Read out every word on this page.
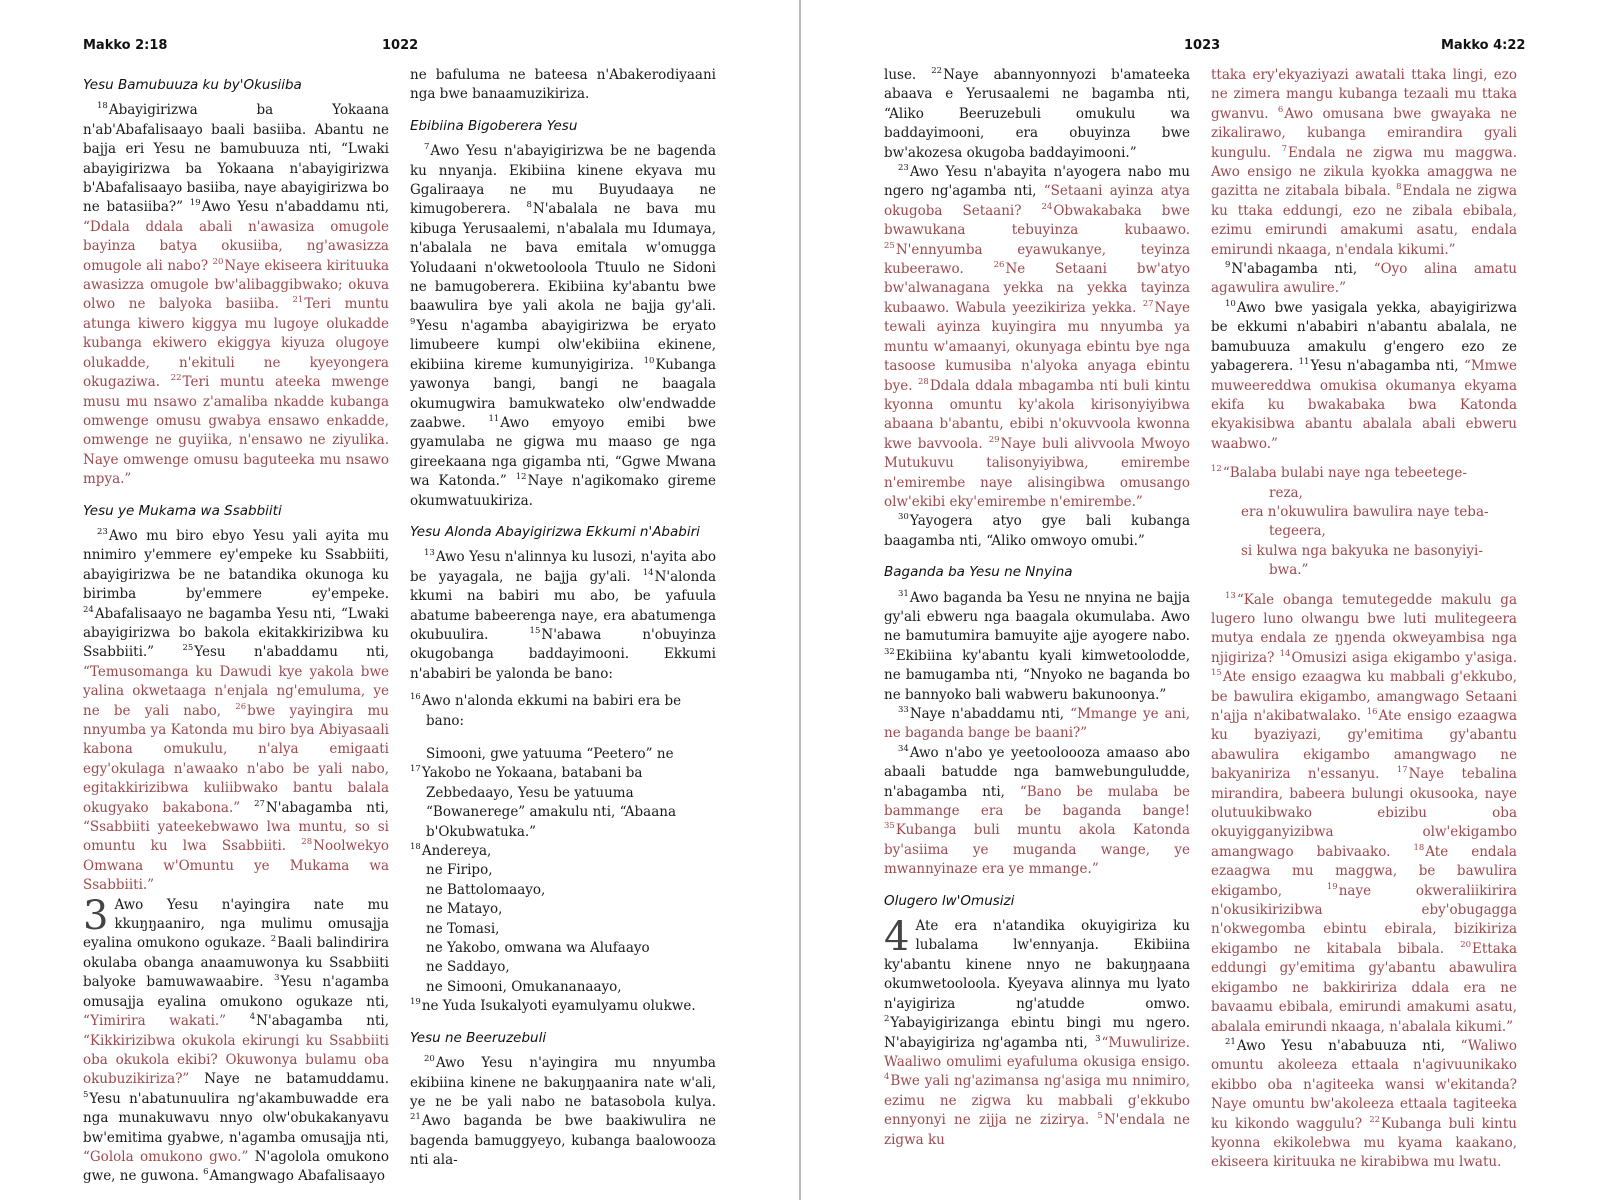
Makko 2:18	1022
Yesu Bamubuuza ku by'Okusiiba

$^{18}$Abayigirizwa ba Yokaana n'ab'Abafalisaayo baali basiiba. Abantu ne bajja eri Yesu ne bamubuuza nti, “Lwaki abayigirizwa ba Yokaana n'abayigirizwa b'Abafalisaayo basiiba, naye abayigirizwa bo ne batasiiba?” $^{19}$Awo Yesu n'abaddamu nti, “Ddala ddala abali n'awasiza omugole bayinza batya okusiiba, ng'awasizza omugole ali nabo? $^{20}$Naye ekiseera kirituuka awasizza omugole bw'alibaggibwako; okuva olwo ne balyoka basiiba. $^{21}$Teri muntu atunga kiwero kiggya mu lugoye olukadde kubanga ekiwero ekiggya kiyuza olugoye olukadde, n'ekituli ne kyeyongera okugaziwa. $^{22}$Teri muntu ateeka mwenge musu mu nsawo z'amaliba nkadde kubanga omwenge omusu gwabya ensawo enkadde, omwenge ne guyiika, n'ensawo ne ziyulika. Naye omwenge omusu baguteeka mu nsawo mpya.”

Yesu ye Mukama wa Ssabbiiti

$^{23}$Awo mu biro ebyo Yesu yali ayita mu nnimiro y'emmere ey'empeke ku Ssabbiiti, abayigirizwa be ne batandika okunoga ku birimba by'emmere ey'empeke. $^{24}$Abafalisaayo ne bagamba Yesu nti, “Lwaki abayigirizwa bo bakola ekitakkirizibwa ku Ssabbiiti.” $^{25}$Yesu n'abaddamu nti, “Temusomanga ku Dawudi kye yakola bwe yalina okwetaaga n'enjala ng'emuluma, ye ne be yali nabo, $^{26}$bwe yayingira mu nnyumba ya Katonda mu biro bya Abiyasaali kabona omukulu, n'alya emigaati egy'okulaga n'awaako n'abo be yali nabo, egitakkirizibwa kuliibwako bantu balala okugyako bakabona.” $^{27}$N'abagamba nti, “Ssabbiiti yateekebwawo lwa muntu, so si omuntu ku lwa Ssabbiiti. $^{28}$Noolwekyo Omwana w'Omuntu ye Mukama wa Ssabbiiti.”

3 Awo Yesu n'ayingira nate mu kkuŋŋaaniro, nga mulimu omusajja eyalina omukono ogukaze. $^2$Baali balindirira okulaba obanga anaamuwonya ku Ssabbiiti balyoke bamuwawaabire. $^3$Yesu n'agamba omusajja eyalina omukono ogukaze nti, “Yimirira wakati.”	$^4$N'abagamba nti, “Kikkirizibwa okukola ekirungi ku Ssabbiiti oba okukola ekibi? Okuwonya bulamu oba okubuzikiriza?” Naye ne batamuddamu. $^5$Yesu n'abatunuulira ng'akambuwadde era nga munakuwavu nnyo olw'obukakanyavu bw'emitima gyabwe, n'agamba omusajja nti, “Golola omukono gwo.” N'agolola omukono gwe, ne guwona. $^6$Amangwago Abafalisaayo

ne bafuluma ne bateesa n'Abakerodiyaani nga bwe banaamuzikiriza.

Ebibiina Bigoberera Yesu

$^7$Awo Yesu n'abayigirizwa be ne bagenda ku nnyanja. Ekibiina kinene ekyava mu Ggaliraaya ne mu Buyudaaya ne kimugoberera. $^8$N'abalala ne bava mu kibuga Yerusaalemi, n'abalala mu Idumaya, n'abalala ne bava emitala w'omugga Yoludaani n'okwetooloola Ttuulo ne Sidoni ne bamugoberera. Ekibiina ky'abantu bwe baawulira bye yali akola ne bajja gy'ali. $^9$Yesu n'agamba abayigirizwa be eryato limubeere kumpi olw'ekibiina ekinene, ekibiina kireme kumunyigiriza. $^{10}$Kubanga yawonya bangi, bangi ne baagala okumugwira bamukwateko olw'endwadde zaabwe. $^{11}$Awo emyoyo emibi bwe gyamulaba ne gigwa mu maaso ge nga gireekaana nga gigamba nti, “Ggwe Mwana wa Katonda.” $^{12}$Naye n'agikomako gireme okumwatuukiriza.

Yesu Alonda Abayigirizwa Ekkumi n'Ababiri

$^{13}$Awo Yesu n'alinnya ku lusozi, n'ayita abo be yayagala, ne bajja gy'ali. $^{14}$N'alonda kkumi na babiri mu abo, be yafuula abatume babeerenga naye, era abatumenga okubuulira. $^{15}$N'abawa n'obuyinza okugobanga baddayimooni. Ekkumi n'ababiri be yalonda be bano:

$^{16}$Awo n'alonda ekkumi na babiri era be
bano:
Simooni, gwe yatuuma “Peetero” ne
$^{17}$Yakobo ne Yokaana, batabani ba
Zebbedaayo, Yesu be yatuuma
“Bowanerege” amakulu nti, “Abaana
b'Okubwatuka.”
$^{18}$Andereya,
ne Firipo,
ne Battolomaayo,
ne Matayo,
ne Tomasi,
ne Yakobo, omwana wa Alufaayo
ne Saddayo,
ne Simooni, Omukananaayo,
$^{19}$ne Yuda Isukalyoti eyamulyamu olukwe.
Yesu ne Beeruzebuli

$^{20}$Awo Yesu n'ayingira mu nnyumba ekibiina kinene ne bakuŋŋaanira nate w'ali, ye ne be yali nabo ne batasobola kulya. $^{21}$Awo baganda be bwe baakiwulira ne bagenda bamuggyeyo, kubanga baalowooza nti ala-

1023	Makko 4:22

luse. $^{22}$Naye abannyonnyozi b'amateeka abaava e Yerusaalemi ne bagamba nti, “Aliko Beeruzebuli omukulu wa baddayimooni, era obuyinza bwe bw'akozesa okugoba baddayimooni.”

$^{23}$Awo Yesu n'abayita n'ayogera nabo mu ngero ng'agamba nti, “Setaani ayinza atya okugoba Setaani? $^{24}$Obwakabaka bwe bwawukana tebuyinza kubaawo. $^{25}$N'ennyumba eyawukanye, teyinza kubeerawo. $^{26}$Ne Setaani bw'atyo bw'alwanagana yekka na yekka tayinza kubaawo. Wabula yeezikiriza yekka. $^{27}$Naye tewali ayinza kuyingira mu nnyumba ya muntu w'amaanyi, okunyaga ebintu bye nga tasoose kumusiba n'alyoka anyaga ebintu bye. $^{28}$Ddala ddala mbagamba nti buli kintu kyonna omuntu ky'akola kirisonyiyibwa abaana b'abantu, ebibi n'okuvvoola kwonna kwe bavvoola. $^{29}$Naye buli alivvoola Mwoyo Mutukuvu talisonyiyibwa, emirembe n'emirembe naye alisingibwa omusango olw'ekibi eky'emirembe n'emirembe.”

$^{30}$Yayogera atyo gye bali kubanga baagamba nti, “Aliko omwoyo omubi.”

Baganda ba Yesu ne Nnyina

$^{31}$Awo baganda ba Yesu ne nnyina ne bajja gy'ali ebweru nga baagala okumulaba. Awo ne bamutumira bamuyite ajje ayogere nabo. $^{32}$Ekibiina ky'abantu kyali kimwetoolodde, ne bamugamba nti, “Nnyoko ne baganda bo ne bannyoko bali wabweru bakunoonya.”

$^{33}$Naye n'abaddamu nti, “Mmange ye ani, ne baganda bange be baani?”

$^{34}$Awo n'abo ye yeetooloooza amaaso abo abaali batudde nga bamwebunguludde, n'abagamba nti, “Bano be mulaba be bammange era be baganda bange! $^{35}$Kubanga buli muntu akola Katonda by'asiima ye muganda wange, ye mwannyinaze era ye mmange.”

Olugero lw'Omusizi

4 Ate era n'atandika okuyigiriza ku lubalama lw'ennyanja. Ekibiina ky'abantu kinene nnyo ne bakuŋŋaana okumwetooloola. Kyeyava alinnya mu lyato n'ayigiriza ng'atudde omwo. $^2$Yabayigirizanga ebintu bingi mu ngero. N'abayigiriza ng'agamba nti, $^3$“Muwulirize. Waaliwo omulimi eyafuluma okusiga ensigo. $^4$Bwe yali ng'azimansa ng'asiga mu nnimiro, ezimu ne zigwa ku mabbali g'ekkubo ennyonyi ne zijja ne zizirya. $^5$N'endala ne zigwa ku

ttaka ery'ekyaziyazi awatali ttaka lingi, ezo ne zimera mangu kubanga tezaali mu ttaka gwanvu. $^6$Awo omusana bwe gwayaka ne zikalirawo, kubanga emirandira gyali kungulu. $^7$Endala ne zigwa mu maggwa. Awo ensigo ne zikula kyokka amaggwa ne gazitta ne zitabala bibala. $^8$Endala ne zigwa ku ttaka eddungi, ezo ne zibala ebibala, ezimu emirundi amakumi asatu, endala emirundi nkaaga, n'endala kikumi.”

$^9$N'abagamba nti, “Oyo alina amatu agawulira awulire.”

$^{10}$Awo bwe yasigala yekka, abayigirizwa be ekkumi n'ababiri n'abantu abalala, ne bamubuuza amakulu g'engero ezo ze yabagerera. $^{11}$Yesu n'abagamba nti, “Mmwe muweereddwa omukisa okumanya ekyama ekifa ku bwakabaka bwa Katonda ekyakisibwa abantu abalala abali ebweru waabwo.”

$^{12}$“Balaba bulabi naye nga tebeetege-
reza,
era n'okuwulira bawulira naye teba-
tegeera,
si kulwa nga bakyuka ne basonyiyi-
bwa.”

$^{13}$“Kale obanga temutegedde makulu ga lugero luno olwangu bwe luti mulitegeera mutya endala ze ŋŋenda okweyambisa nga njigiriza? $^{14}$Omusizi asiga ekigambo y'asiga. $^{15}$Ate ensigo ezaagwa ku mabbali g'ekkubo, be bawulira ekigambo, amangwago Setaani n'ajja n'akibatwalako. $^{16}$Ate ensigo ezaagwa ku byaziyazi, gy'emitima gy'abantu abawulira ekigambo amangwago ne bakyaniriza n'essanyu. $^{17}$Naye tebalina mirandira, babeera bulungi okusooka, naye olutuukibwako ebizibu oba okuyigganyizibwa olw'ekigambo amangwago babivaako. $^{18}$Ate endala ezaagwa mu maggwa, be bawulira ekigambo, $^{19}$naye okweraliikirira n'okusikirizibwa eby'obugagga n'okwegomba ebintu ebirala, bizikiriza ekigambo ne kitabala bibala. $^{20}$Ettaka eddungi gy'emitima gy'abantu abawulira ekigambo ne bakkiririza ddala era ne bavaamu ebibala, emirundi amakumi asatu, abalala emirundi nkaaga, n'abalala kikumi.”

$^{21}$Awo Yesu n'ababuuza nti, “Waliwo omuntu akoleeza ettaala n'agivuunikako ekibbo oba n'agiteeka wansi w'ekitanda? Naye omuntu bw'akoleeza ettaala tagiteeka ku kikondo waggulu? $^{22}$Kubanga buli kintu kyonna ekikolebwa mu kyama kaakano, ekiseera kirituuka ne kirabibwa mu lwatu.
